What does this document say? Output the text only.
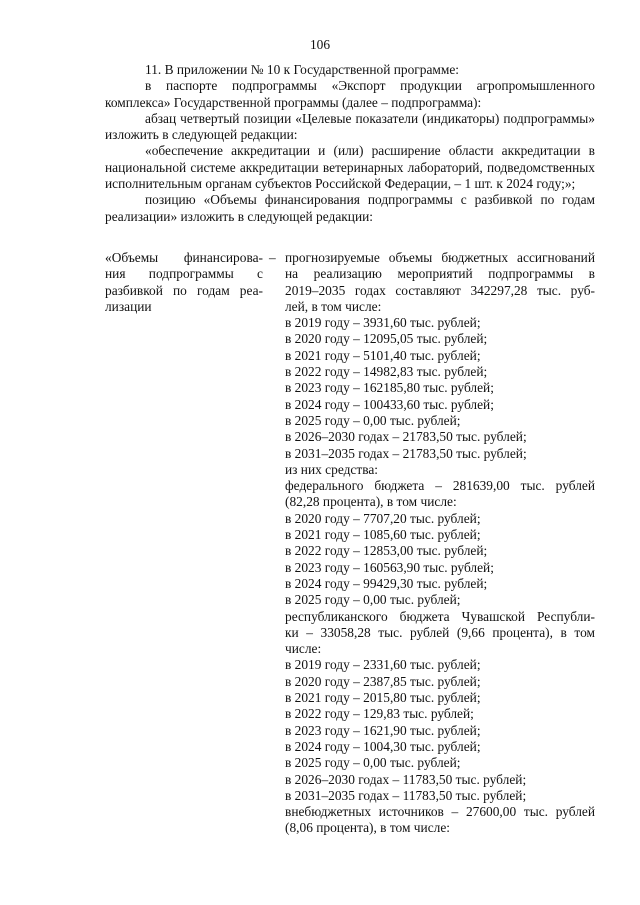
106

11. В приложении № 10 к Государственной программе:

в паспорте подпрограммы «Экспорт продукции агропромышленного комплекса» Государственной программы (далее – подпрограмма):

абзац четвертый позиции «Целевые показатели (индикаторы) подпрограммы» изложить в следующей редакции:

«обеспечение аккредитации и (или) расширение области аккредитации в национальной системе аккредитации ветеринарных лабораторий, подведомственных исполнительным органам субъектов Российской Федерации, – 1 шт. к 2024 году;»;

позицию «Объемы финансирования подпрограммы с разбивкой по годам реализации» изложить в следующей редакции:

«Объемы финансирова-
ния подпрограммы с
разбивкой по годам реа-
лизации
– прогнозируемые объемы бюджетных ассигнований
на реализацию мероприятий подпрограммы в
2019–2035 годах составляют 342297,28 тыс. руб-
лей, в том числе:
в 2019 году – 3931,60 тыс. рублей;
в 2020 году – 12095,05 тыс. рублей;
в 2021 году – 5101,40 тыс. рублей;
в 2022 году – 14982,83 тыс. рублей;
в 2023 году – 162185,80 тыс. рублей;
в 2024 году – 100433,60 тыс. рублей;
в 2025 году – 0,00 тыс. рублей;
в 2026–2030 годах – 21783,50 тыс. рублей;
в 2031–2035 годах – 21783,50 тыс. рублей;
из них средства:
федерального бюджета – 281639,00 тыс. рублей
(82,28 процента), в том числе:
в 2020 году – 7707,20 тыс. рублей;
в 2021 году – 1085,60 тыс. рублей;
в 2022 году – 12853,00 тыс. рублей;
в 2023 году – 160563,90 тыс. рублей;
в 2024 году – 99429,30 тыс. рублей;
в 2025 году – 0,00 тыс. рублей;
республиканского бюджета Чувашской Республи-
ки – 33058,28 тыс. рублей (9,66 процента), в том
числе:
в 2019 году – 2331,60 тыс. рублей;
в 2020 году – 2387,85 тыс. рублей;
в 2021 году – 2015,80 тыс. рублей;
в 2022 году – 129,83 тыс. рублей;
в 2023 году – 1621,90 тыс. рублей;
в 2024 году – 1004,30 тыс. рублей;
в 2025 году – 0,00 тыс. рублей;
в 2026–2030 годах – 11783,50 тыс. рублей;
в 2031–2035 годах – 11783,50 тыс. рублей;
внебюджетных источников – 27600,00 тыс. рублей
(8,06 процента), в том числе:
